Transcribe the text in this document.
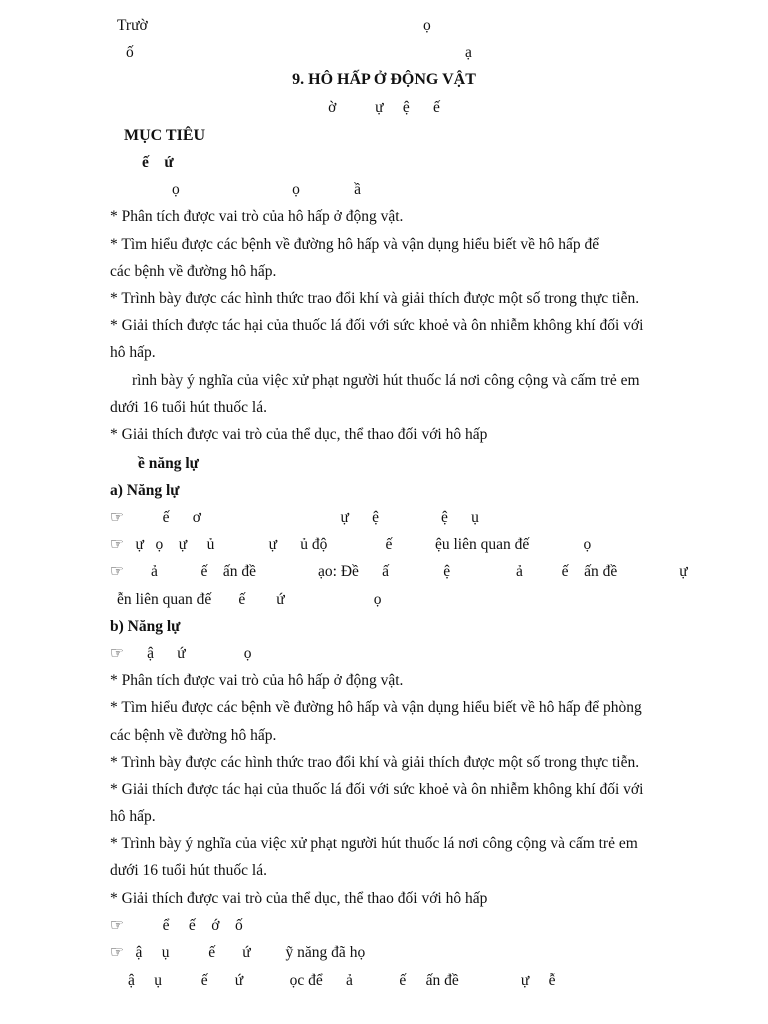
Trườ	ọ
ố	ạ
9. HÔ HẤP Ở ĐỘNG VẬT
ờ          ự     ệ      ế
MỤC TIÊU
ế    ứ
ọ                             ọ              ầ
* Phân tích được vai trò của hô hấp ở động vật.
* Tìm hiểu được các bệnh về đường hô hấp và vận dụng hiểu biết về hô hấp để
các bệnh về đường hô hấp.
* Trình bày được các hình thức trao đổi khí và giải thích được một số trong thực tiễn.
* Giải thích được tác hại của thuốc lá đối với sức khoẻ và ôn nhiễm không khí đối với
hô hấp.
rình bày ý nghĩa của việc xử phạt người hút thuốc lá nơi công cộng và cấm trẻ em
dưới 16 tuổi hút thuốc lá.
* Giải thích được vai trò của thể dục, thể thao đối với hô hấp
ề năng lự
a) Năng lự
☞          ế      ơ                                    ự      ệ                ệ      ụ
☞   ự   ọ    ự     ủ              ự      ủ độ               ế           ệu liên quan đế              ọ
☞       ả           ế    ấn đề                ạo: Đề      ấ              ệ                 ả          ế    ấn đề                ự
ễn liên quan đế       ế        ứ                       ọ
b) Năng lự
☞      ậ      ứ               ọ
* Phân tích được vai trò của hô hấp ở động vật.
* Tìm hiểu được các bệnh về đường hô hấp và vận dụng hiểu biết về hô hấp để phòng
các bệnh về đường hô hấp.
* Trình bày được các hình thức trao đổi khí và giải thích được một số trong thực tiễn.
* Giải thích được tác hại của thuốc lá đối với sức khoẻ và ôn nhiễm không khí đối với
hô hấp.
* Trình bày ý nghĩa của việc xử phạt người hút thuốc lá nơi công cộng và cấm trẻ em
dưới 16 tuổi hút thuốc lá.
* Giải thích được vai trò của thể dục, thể thao đối với hô hấp
☞          ể     ế    ớ    ố
☞   ậ     ụ          ế       ứ         ỹ năng đã họ
ậ     ụ          ế       ứ            ọc để      ả            ế     ấn đề                ự     ễ
